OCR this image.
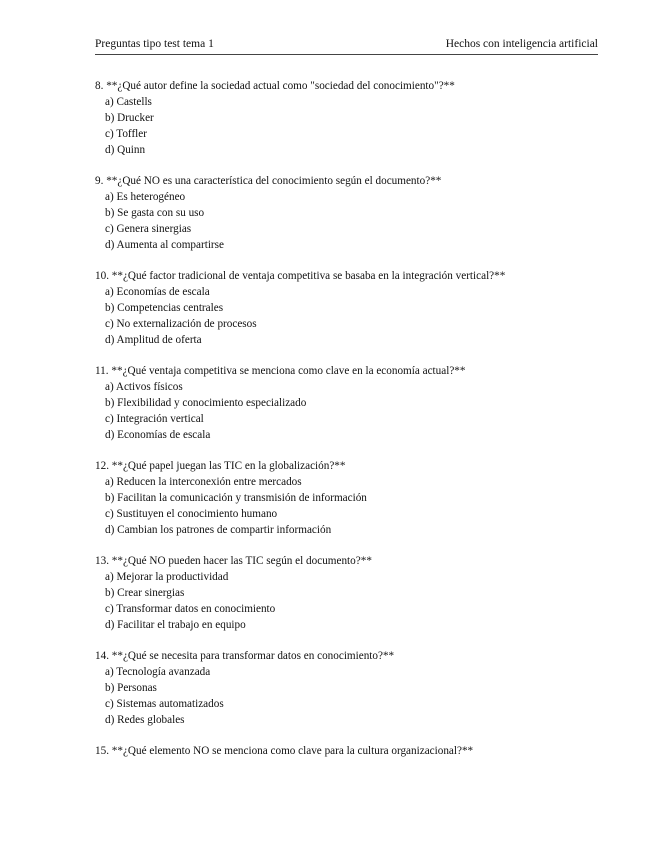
Preguntas tipo test tema 1	Hechos con inteligencia artificial
8. **¿Qué autor define la sociedad actual como "sociedad del conocimiento"?**
a) Castells
b) Drucker
c) Toffler
d) Quinn
9. **¿Qué NO es una característica del conocimiento según el documento?**
a) Es heterogéneo
b) Se gasta con su uso
c) Genera sinergias
d) Aumenta al compartirse
10. **¿Qué factor tradicional de ventaja competitiva se basaba en la integración vertical?**
a) Economías de escala
b) Competencias centrales
c) No externalización de procesos
d) Amplitud de oferta
11. **¿Qué ventaja competitiva se menciona como clave en la economía actual?**
a) Activos físicos
b) Flexibilidad y conocimiento especializado
c) Integración vertical
d) Economías de escala
12. **¿Qué papel juegan las TIC en la globalización?**
a) Reducen la interconexión entre mercados
b) Facilitan la comunicación y transmisión de información
c) Sustituyen el conocimiento humano
d) Cambian los patrones de compartir información
13. **¿Qué NO pueden hacer las TIC según el documento?**
a) Mejorar la productividad
b) Crear sinergias
c) Transformar datos en conocimiento
d) Facilitar el trabajo en equipo
14. **¿Qué se necesita para transformar datos en conocimiento?**
a) Tecnología avanzada
b) Personas
c) Sistemas automatizados
d) Redes globales
15. **¿Qué elemento NO se menciona como clave para la cultura organizacional?**
